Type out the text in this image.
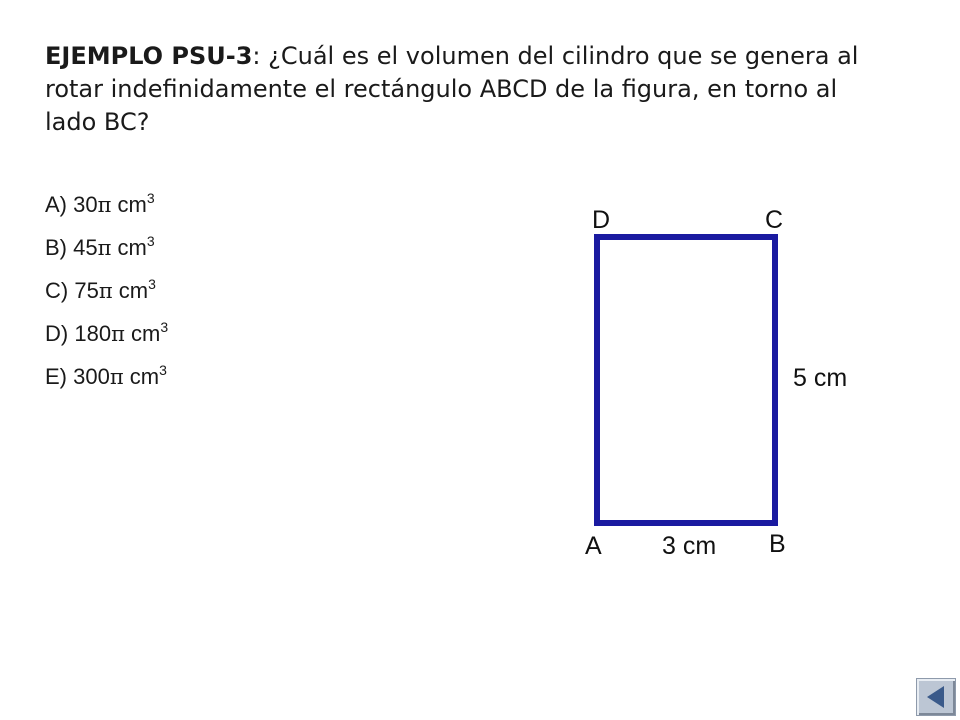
EJEMPLO PSU-3: ¿Cuál es el volumen del cilindro que se genera al rotar indefinidamente el rectángulo ABCD de la figura, en torno al lado BC?
A) 30π $cm^3$
B) 45π $cm^3$
C) 75π $cm^3$
D) 180π $cm^3$
E) 300π $cm^3$
D	C
A	B
5 cm
3 cm
